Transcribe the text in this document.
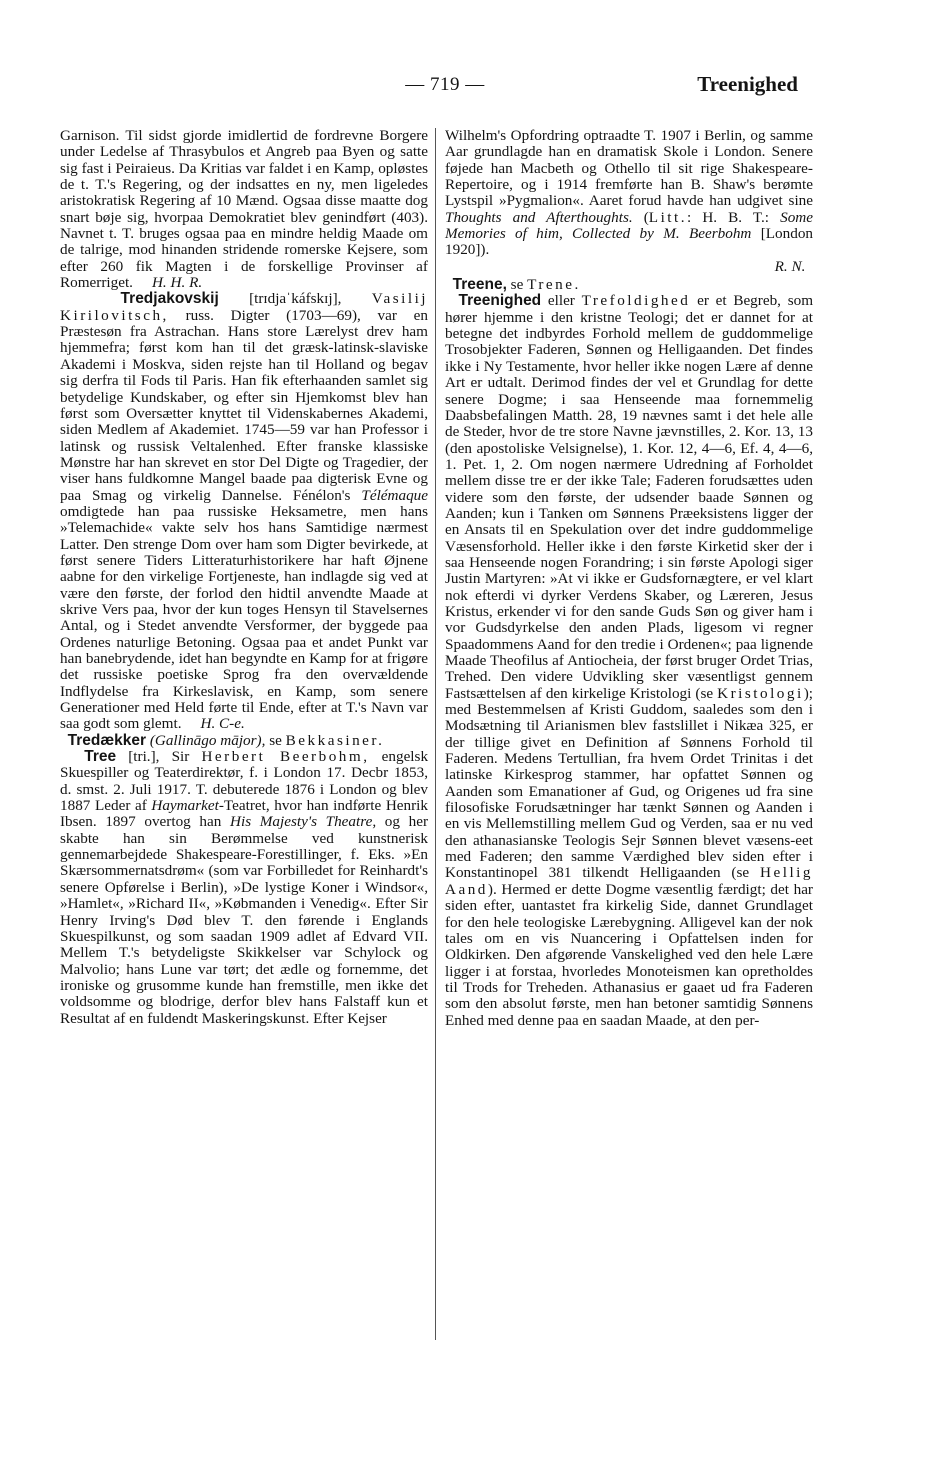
— 719 —	Treenighed

Garnison. Til sidst gjorde imidlertid de fordrevne Borgere under Ledelse af Thrasybulos et Angreb paa Byen og satte sig fast i Peiraieus. Da Kritias var faldet i en Kamp, opløstes de t. T.'s Regering, og der indsattes en ny, men ligeledes aristokratisk Regering af 10 Mænd. Ogsaa disse maatte dog snart bøje sig, hvorpaa Demokratiet blev genindført (403). Navnet t. T. bruges ogsaa paa en mindre heldig Maade om de talrige, mod hinanden stridende romerske Kejsere, som efter 260 fik Magten i de forskellige Provinser af Romerriget. H. H. R.

Tredjakovskij [trɪdjaˈkáfskɪj], Vasilij Kirilovitsch, russ. Digter (1703—69), var en Præstesøn fra Astrachan. Hans store Lærelyst drev ham hjemmefra; først kom han til det græsk-latinsk-slaviske Akademi i Moskva, siden rejste han til Holland og begav sig derfra til Fods til Paris. Han fik efterhaanden samlet sig betydelige Kundskaber, og efter sin Hjemkomst blev han først som Oversætter knyttet til Videnskabernes Akademi, siden Medlem af Akademiet. 1745—59 var han Professor i latinsk og russisk Veltalenhed. Efter franske klassiske Mønstre har han skrevet en stor Del Digte og Tragedier, der viser hans fuldkomne Mangel baade paa digterisk Evne og paa Smag og virkelig Dannelse. Fénélon's Télémaque omdigtede han paa russiske Heksametre, men hans »Telemachide« vakte selv hos hans Samtidige nærmest Latter. Den strenge Dom over ham som Digter bevirkede, at først senere Tiders Litteraturhistorikere har haft Øjnene aabne for den virkelige Fortjeneste, han indlagde sig ved at være den første, der forlod den hidtil anvendte Maade at skrive Vers paa, hvor der kun toges Hensyn til Stavelsernes Antal, og i Stedet anvendte Versformer, der byggede paa Ordenes naturlige Betoning. Ogsaa paa et andet Punkt var han banebrydende, idet han begyndte en Kamp for at frigøre det russiske poetiske Sprog fra den overvældende Indflydelse fra Kirkeslavisk, en Kamp, som senere Generationer med Held førte til Ende, efter at T.'s Navn var saa godt som glemt. H. C-e.

Tredækker (Gallināgo mājor), se Bekkasiner.

Tree [tri.], Sir Herbert Beerbohm, engelsk Skuespiller og Teaterdirektør, f. i London 17. Decbr 1853, d. smst. 2. Juli 1917. T. debuterede 1876 i London og blev 1887 Leder af Haymarket-Teatret, hvor han indførte Henrik Ibsen. 1897 overtog han His Majesty's Theatre, og her skabte han sin Berømmelse ved kunstnerisk gennemarbejdede Shakespeare-Forestillinger, f. Eks. »En Skærsommernatsdrøm« (som var Forbilledet for Reinhardt's senere Opførelse i Berlin), »De lystige Koner i Windsor«, »Hamlet«, »Richard II«, »Købmanden i Venedig«. Efter Sir Henry Irving's Død blev T. den førende i Englands Skuespilkunst, og som saadan 1909 adlet af Edvard VII. Mellem T.'s betydeligste Skikkelser var Schylock og Malvolio; hans Lune var tørt; det ædle og fornemme, det ironiske og grusomme kunde han fremstille, men ikke det voldsomme og blodrige, derfor blev hans Falstaff kun et Resultat af en fuldendt Maskeringskunst. Efter Kejser

Wilhelm's Opfordring optraadte T. 1907 i Berlin, og samme Aar grundlagde han en dramatisk Skole i London. Senere føjede han Macbeth og Othello til sit rige Shakespeare-Repertoire, og i 1914 fremførte han B. Shaw's berømte Lystspil »Pygmalion«. Aaret forud havde han udgivet sine Thoughts and Afterthoughts. (Litt.: H. B. T.: Some Memories of him, Collected by M. Beerbohm [London 1920]).

R. N.

Treene, se Trene.

Treenighed eller Trefoldighed er et Begreb, som hører hjemme i den kristne Teologi; det er dannet for at betegne det indbyrdes Forhold mellem de guddommelige Trosobjekter Faderen, Sønnen og Helligaanden. Det findes ikke i Ny Testamente, hvor heller ikke nogen Lære af denne Art er udtalt. Derimod findes der vel et Grundlag for dette senere Dogme; i saa Henseende maa fornemmelig Daabsbefalingen Matth. 28, 19 nævnes samt i det hele alle de Steder, hvor de tre store Navne jævnstilles, 2. Kor. 13, 13 (den apostoliske Velsignelse), 1. Kor. 12, 4—6, Ef. 4, 4—6, 1. Pet. 1, 2. Om nogen nærmere Udredning af Forholdet mellem disse tre er der ikke Tale; Faderen forudsættes uden videre som den første, der udsender baade Sønnen og Aanden; kun i Tanken om Sønnens Præeksistens ligger der en Ansats til en Spekulation over det indre guddommelige Væsensforhold. Heller ikke i den første Kirketid sker der i saa Henseende nogen Forandring; i sin første Apologi siger Justin Martyren: »At vi ikke er Gudsfornægtere, er vel klart nok efterdi vi dyrker Verdens Skaber, og Læreren, Jesus Kristus, erkender vi for den sande Guds Søn og giver ham i vor Gudsdyrkelse den anden Plads, ligesom vi regner Spaadommens Aand for den tredie i Ordenen«; paa lignende Maade Theofilus af Antiocheia, der først bruger Ordet Trias, Trehed. Den videre Udvikling sker væsentligst gennem Fastsættelsen af den kirkelige Kristologi (se Kristologi); med Bestemmelsen af Kristi Guddom, saaledes som den i Modsætning til Arianismen blev fastslillet i Nikæa 325, er der tillige givet en Definition af Sønnens Forhold til Faderen. Medens Tertullian, fra hvem Ordet Trinitas i det latinske Kirkesprog stammer, har opfattet Sønnen og Aanden som Emanationer af Gud, og Origenes ud fra sine filosofiske Forudsætninger har tænkt Sønnen og Aanden i en vis Mellemstilling mellem Gud og Verden, saa er nu ved den athanasianske Teologis Sejr Sønnen blevet væsens-eet med Faderen; den samme Værdighed blev siden efter i Konstantinopel 381 tilkendt Helligaanden (se Hellig Aand). Hermed er dette Dogme væsentlig færdigt; det har siden efter, uantastet fra kirkelig Side, dannet Grundlaget for den hele teologiske Lærebygning. Alligevel kan der nok tales om en vis Nuancering i Opfattelsen inden for Oldkirken. Den afgørende Vanskelighed ved den hele Lære ligger i at forstaa, hvorledes Monoteismen kan opretholdes til Trods for Treheden. Athanasius er gaaet ud fra Faderen som den absolut første, men han betoner samtidig Sønnens Enhed med denne paa en saadan Maade, at den per-
